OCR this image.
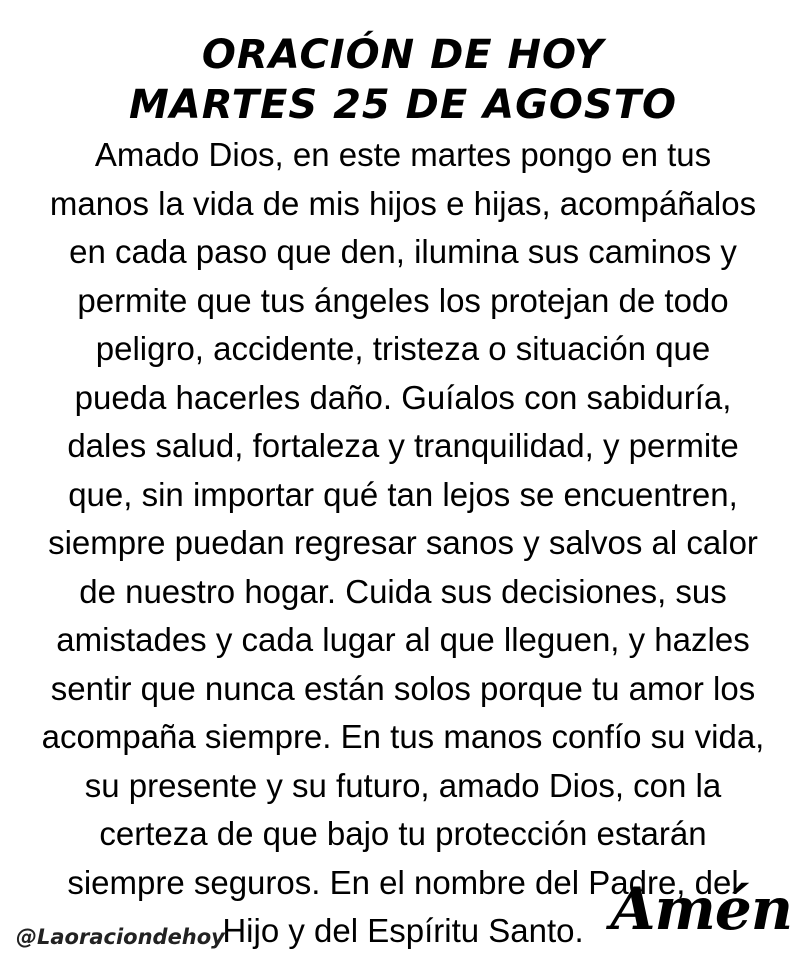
ORACIÓN DE HOY
MARTES 25 DE AGOSTO
Amado Dios, en este martes pongo en tus
manos la vida de mis hijos e hijas, acompáñalos
en cada paso que den, ilumina sus caminos y
permite que tus ángeles los protejan de todo
peligro, accidente, tristeza o situación que
pueda hacerles daño. Guíalos con sabiduría,
dales salud, fortaleza y tranquilidad, y permite
que, sin importar qué tan lejos se encuentren,
siempre puedan regresar sanos y salvos al calor
de nuestro hogar. Cuida sus decisiones, sus
amistades y cada lugar al que lleguen, y hazles
sentir que nunca están solos porque tu amor los
acompaña siempre. En tus manos confío su vida,
su presente y su futuro, amado Dios, con la
certeza de que bajo tu protección estarán
siempre seguros. En el nombre del Padre, del
Hijo y del Espíritu Santo.
@Laoraciondehoy	Amén
